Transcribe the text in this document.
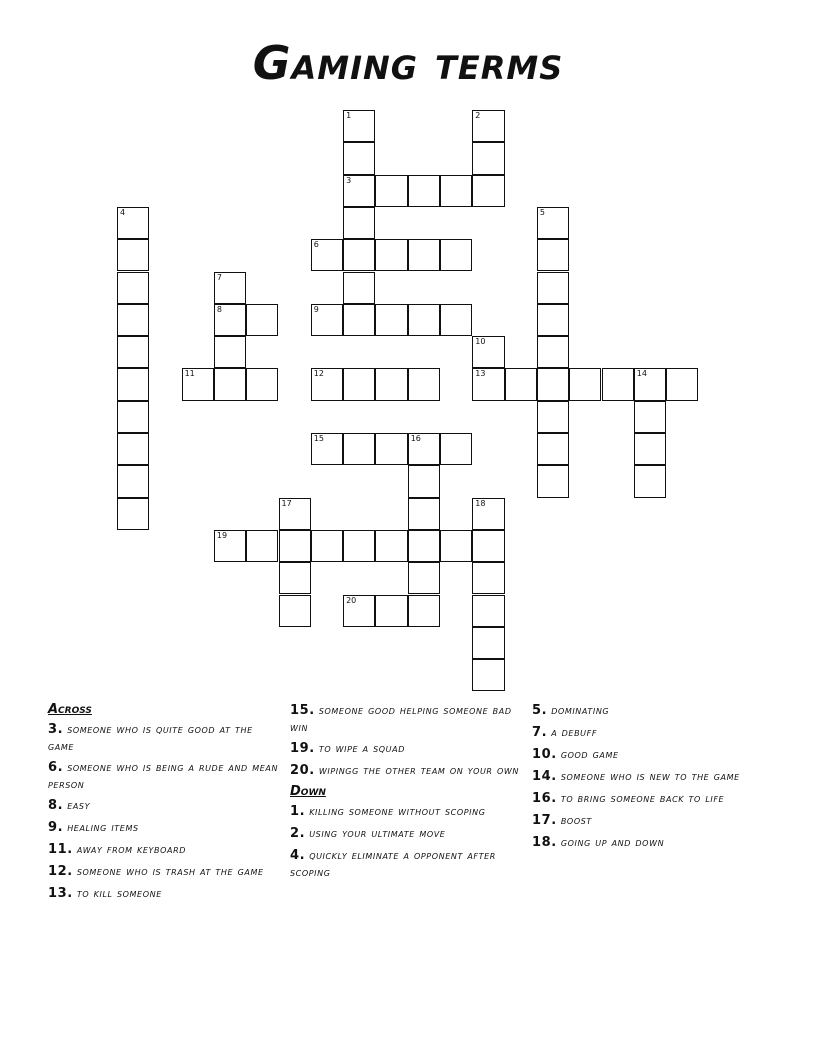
Gaming terms
1	2
3
4	5
6
7
8	9
10
11	12	13	14
15	16
17	18
19
20
Across
3. someone who is quite good at the game
6. someone who is being a rude and mean person
8. easy
9. healing items
11. away from keyboard
12. someone who is trash at the game
13. to kill someone
15. someone good helping someone bad win
19. to wipe a squad
20. wipingg the other team on your own
Down
1. killing someone without scoping
2. using your ultimate move
4. quickly eliminate a opponent after scoping
5. dominating
7. a debuff
10. good game
14. someone who is new to the game
16. to bring someone back to life
17. boost
18. going up and down
